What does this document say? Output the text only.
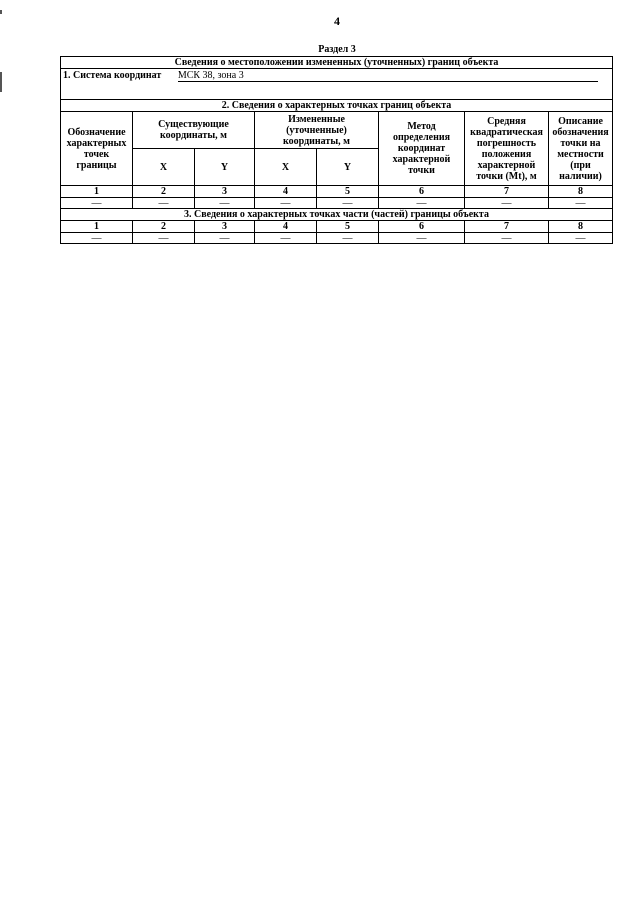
4
Раздел 3
Сведения о местоположении измененных (уточненных) границ объекта							
1. Система координат МСК 38, зона 3							
2. Сведения о характерных точках границ объекта							
Обозначение характерных точек границы	Существующие координаты, м		Измененные (уточненные) координаты, м		Метод определения координат характерной точки	Средняя квадратическая погрешность положения характерной точки (Mt), м	Описание обозначения точки на местности (при наличии)
	X	Y	X	Y			
1	2	3	4	5	6	7	8
—	—	—	—	—	—	—	—
3. Сведения о характерных точках части (частей) границы объекта							
1	2	3	4	5	6	7	8
—	—	—	—	—	—	—	—
